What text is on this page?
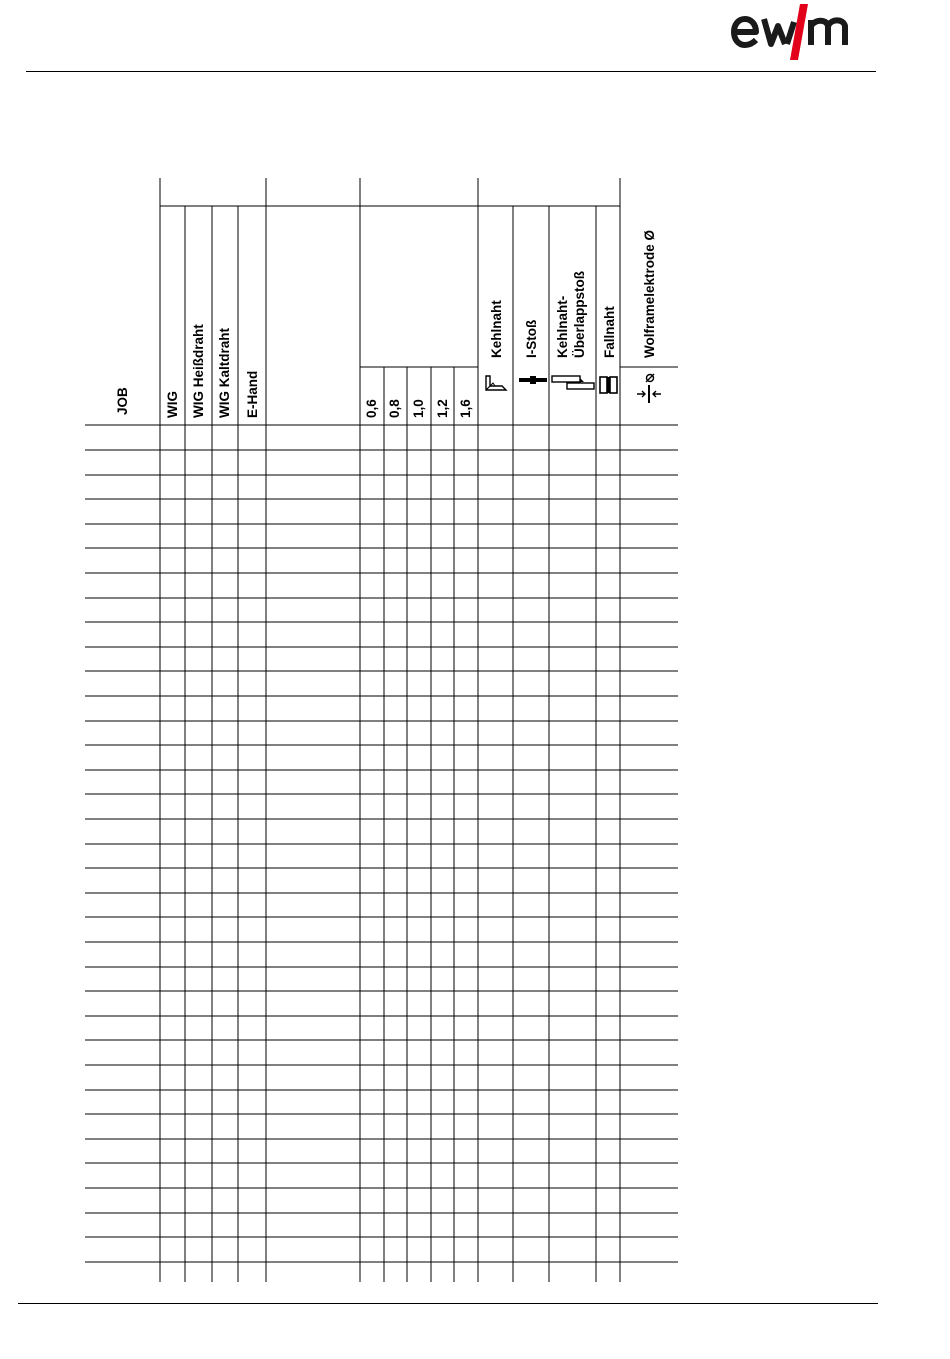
JOB	WIG WIG Heißdraht WIG Kaltdraht E-Hand	0,6 0,8 1,0 1,2 1,6
Kehlnaht I-Stoß Kehlnaht- Überlappstoß Fallnaht Wolframelektrode Ø
